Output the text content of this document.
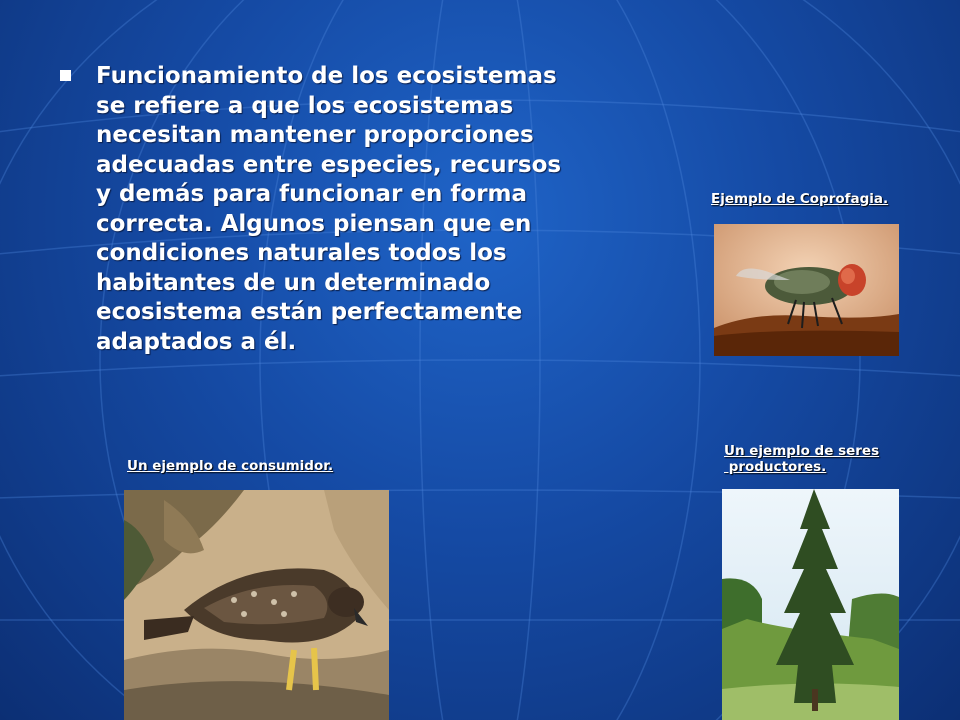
Funcionamiento de los ecosistemas se refiere a que los ecosistemas necesitan mantener proporciones adecuadas entre especies, recursos y demás para funcionar en forma correcta. Algunos piensan que en condiciones naturales todos los habitantes de un determinado ecosistema están perfectamente adaptados a él.

Ejemplo de Coprofagia.
Un ejemplo de consumidor.
Un ejemplo de seres
productores.
